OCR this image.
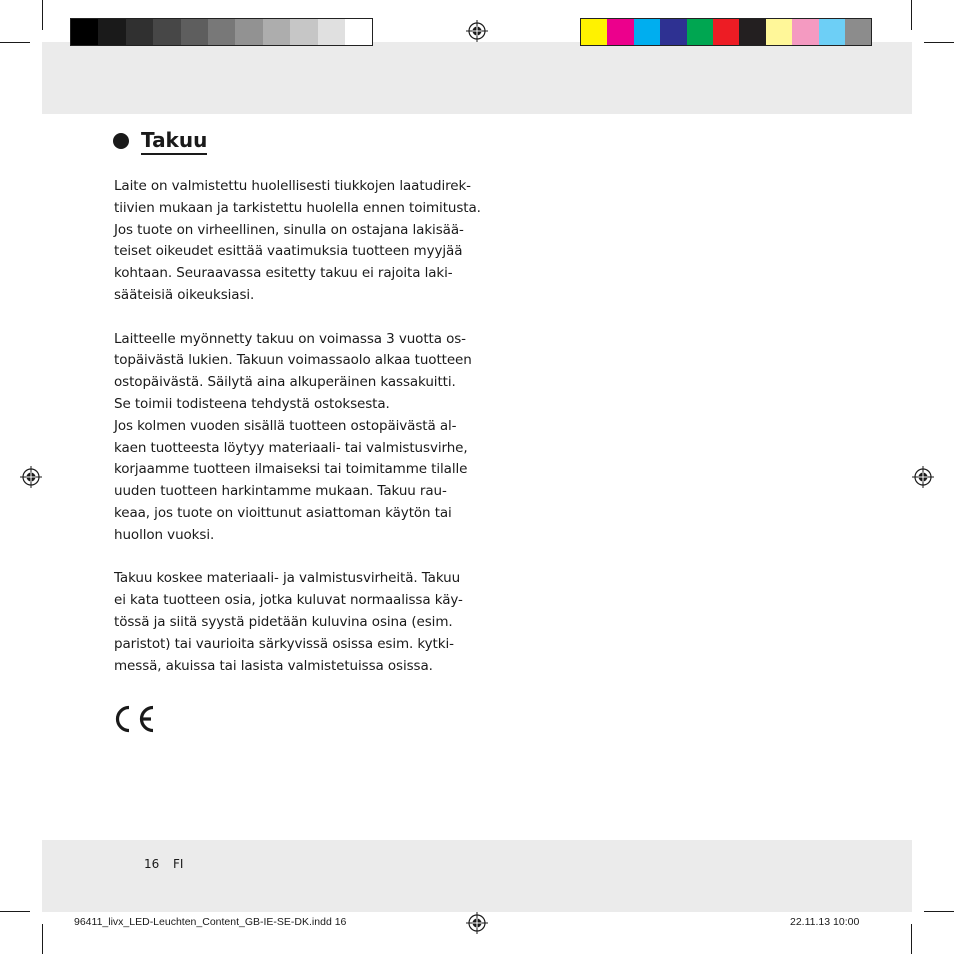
Takuu
Laite on valmistettu huolellisesti tiukkojen laatudirek-
tiivien mukaan ja tarkistettu huolella ennen toimitusta.
Jos tuote on virheellinen, sinulla on ostajana lakisää-
teiset oikeudet esittää vaatimuksia tuotteen myyjää
kohtaan. Seuraavassa esitetty takuu ei rajoita laki-
sääteisiä oikeuksiasi.
Laitteelle myönnetty takuu on voimassa 3 vuotta os-
topäivästä lukien. Takuun voimassaolo alkaa tuotteen
ostopäivästä. Säilytä aina alkuperäinen kassakuitti.
Se toimii todisteena tehdystä ostoksesta.
Jos kolmen vuoden sisällä tuotteen ostopäivästä al-
kaen tuotteesta löytyy materiaali- tai valmistusvirhe,
korjaamme tuotteen ilmaiseksi tai toimitamme tilalle
uuden tuotteen harkintamme mukaan. Takuu rau-
keaa, jos tuote on vioittunut asiattoman käytön tai
huollon vuoksi.
Takuu koskee materiaali- ja valmistusvirheitä. Takuu
ei kata tuotteen osia, jotka kuluvat normaalissa käy-
tössä ja siitä syystä pidetään kuluvina osina (esim.
paristot) tai vaurioita särkyvissä osissa esim. kytki-
messä, akuissa tai lasista valmistetuissa osissa.
16 FI
96411_livx_LED-Leuchten_Content_GB-IE-SE-DK.indd 16	22.11.13 10:00
